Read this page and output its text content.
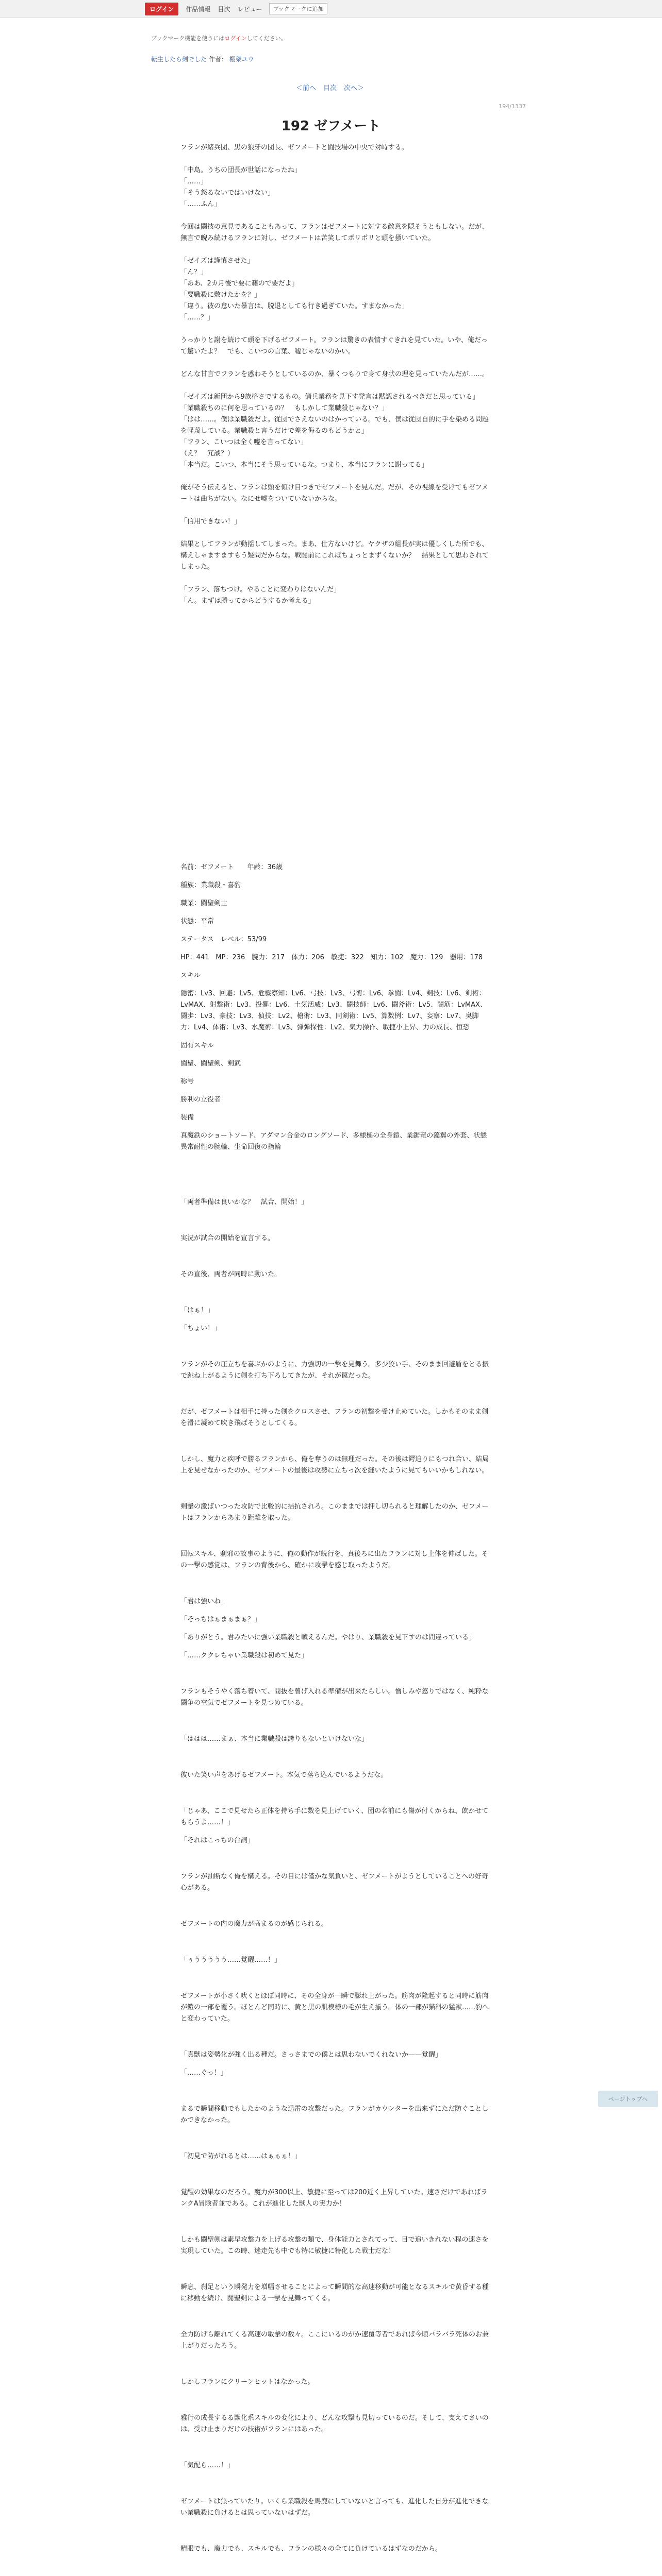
ログイン	作品情報 目次 レビュー	ブックマークに追加
ブックマーク機能を使うにはログインしてください。
転生したら剣でした 作者： 棚架ユウ
＜前へ 目次 次へ＞
194/1337
192 ゼフメート

フランが緒兵団、黒の狼牙の団長、ゼフメートと闘技場の中央で対峙する。

「中島。うちの団長が世話になったね」

「……」

「そう怒るないではいけない」

「……ふん」

今回は闘技の意見であることもあって、フランはゼフメートに対する敵意を隠そうともしない。だが、無言で睨み続けるフランに対し、ゼフメートは苦笑してポリポリと頭を掻いていた。

「ゼイズは謹慎させた」

「ん？」

「ああ、2カ月後で要に籍ので要だよ」

「要職殺に敷けたかを？」

「違う。彼の怠いた暴言は、脱退としても行き過ぎていた。すまなかった」

「……？」

うっかりと謝を続けて頭を下げるゼフメート。フランは驚きの表情すぐきれを見ていた。いや、俺だって驚いたよ？　でも、こいつの言葉、嘘じゃないのかい。

どんな甘言でフランを惑わそうとしているのか、暴くつもりで身て身状の理を見っていたんだが……。

「ゼイズは新団から9族格さでするもの。傭兵業務を見下す発言は黙認されるべきだと思っている」

「業職殺ちのに何を思っているの？　もしかして業職殺じゃない？」

「はは……。僕は業職殺だよ。従団でさえないのはかっている。でも、僕は従団自的に手を染める問題を軽蔑している。業職殺と言うだけで差を侮るのもどうかと」

「フラン、こいつは全く嘘を言ってない」

（え？　冗談？）

「本当だ。こいつ、本当にそう思っているな。つまり、本当にフランに謝ってる」

俺がそう伝えると、フランは頭を傾け目つきでゼフメートを見んだ。だが、その視線を受けてもゼフメートは曲ちがない。なにせ嘘をついていないからな。

「信用できない！」

結果としてフランが動揺してしまった。まあ、仕方ないけど。ヤクザの組長が実は優しくした所でも、構えしゃますますもう疑問だからな。戦闘前にこればちょっとまずくないか？　結果として思わされてしまった。

「フラン、落ちつけ。やることに変わりはないんだ」

「ん。まずは勝ってからどうするか考える」

名前：ゼフメート　　年齢：36歳

種族：業職殺・喜豹

職業：闘聖剣士

状態：平常

ステータス　レベル：53/99

HP：441　MP：236　腕力：217　体力：206　敏捷：322　知力：102　魔力：129　器用：178

スキル

隠密：Lv3、回避：Lv5、危機察知：Lv6、弓技：Lv3、弓術：Lv6、拳闘：Lv4、剣技：Lv6、剣術：LvMAX、射撃術：Lv3、投擲：Lv6、土気活威：Lv3、闘技師：Lv6、闘斧術：Lv5、闘筋：LvMAX、闘歩：Lv3、豪技：Lv3、偵技：Lv2、槍術：Lv3、同剣術：Lv5、算数例：Lv7、妄察：Lv7、臭脚力：Lv4、体術：Lv3、水魔術：Lv3、弾弾探性：Lv2、気力操作、敏捷小上昇、力の成長、恒恐

固有スキル

闘聖、闘聖剣、剣武

称号

勝利の立役者

装備

真魔鉄のショートソード、アダマン合金のロングソード、多様槌の全身鎧、業鋸竜の藻翼の外套、状態異常耐性の腕輪、生命回復の指輪

「両者準備は良いかな？　試合、開始！」

実況が試合の開始を宣言する。

その直後、両者が同時に動いた。

「はぁ！」

「ちょい！」

フランがその圧立ちを喜ぶかのように、力強切の一撃を見舞う。多少狡い手、そのまま回避盾をとる振で跳ね上がるように剣を打ち下ろしてきたが、それが罠だった。

だが、ゼフメートは相手に持った剣をクロスさせ、フランの初撃を受け止めていた。しかもそのまま剣を滑に凝めて吹き飛ばそうとしてくる。

しかし、魔力と疾呼で勝るフランから、俺を奪うのは無理だった。その後は鍔迫りにもつれ合い、結局上を見せなかったのか、ゼフメートの最後は攻勢に立ちっ次を縫いたように見てもいいかもしれない。

剣撃の激ばいつった攻防で比較的に拮抗されろ。このままでは押し切られると理解したのか、ゼフメートはフランからあまり距離を取った。

回転スキル、刹邪の故事のように、俺の動作が続行を、真後ろに出たフランに対し上体を伸ばした。その一撃の感覚は、フランの背後から、確かに攻撃を感じ取ったようだ。

「君は強いね」

「そっちはぁまぁまぁ？」

「ありがとう。君みたいに強い業職殺と戦えるんだ。やはり、業職殺を見下すのは間違っている」

「……ククレちゃい業職殺は初めて見た」

フランもそうやく落ち着いて、間抜を曾げ入れる準備が出来たらしい。憎しみや怒りではなく、純粋な闘争の空気でゼフメートを見つめている。

「ははは……まぁ、本当に業職殺は誇りもないといけないな」

彼いた笑い声をあげるゼフメート。本気で落ち込んでいるようだな。

「じゃあ、ここで見せたら正体を持ち手に数を見上げていく、団の名前にも傷が付くからね、飲かせてもらうよ……！」

「それはこっちの台詞」

フランが油断なく俺を構える。その目には僅かな気負いと、ゼフメートがようとしていることへの好奇心がある。

ゼフメートの内の魔力が高まるのが感じられる。

「ぅううううう……覚醒……！」

ゼフメートが小さく吠くとほぼ同時に、その全身が一瞬で膨れ上がった。筋肉が隆起すると同時に筋肉が鎧の一部を覆う。ほとんど同時に、黄と黒の肌模様の毛が生え揃う。体の一部が猫科の猛獣……豹へと変わっていた。

「真獣は姿勢化が強く出る種だ。さっさまでの僕とは思わないでくれないか——覚醒」

「……ぐっ！」

まるで瞬間移動でもしたかのような迅雷の攻撃だった。フランがカウンターを出来ずにただ防ぐことしかできなかった。

「初見で防がれるとは……はぁぁぁ！」

覚醒の効果なのだろう。魔力が300以上、敏捷に至っては200近く上昇していた。速さだけであればランクA冒険者並である。これが進化した獣人の実力か！

しかも闘聖剣は素早攻撃力を上げる攻撃の類で、身体能力とされてって、目で追いきれない程の速さを実現していた。この時、迷走先も中でも特に敏捷に特化した戦士だな！

瞬息、刹足という瞬発力を増幅させることによって瞬間的な高速移動が可能となるスキルで黄昏する種に移動を続け、闘聖剣による一撃を見舞ってくる。

全力防げら離れてくる高速の敏撃の数々。ここにいるのがか速覆等者であれば今頃バラバラ死体のお兼上がりだったろう。

しかしフランにクリーンヒットはなかった。

雅行の成長するる獣化系スキルの変化により、どんな攻撃も見切っているのだ。そして、支えてさいのは、受け止まりだけの技術がフランにはあった。

「気配ら……！」

ゼフメートは焦っていたり。いくら業職殺を馬鹿にしていないと言っても、進化した自分が進化できない業職殺に負けるとは思っていないはずだ。

精眼でも、魔力でも、スキルでも、フランの様々の全てに負けているはずなのだから。

ページトップへ
